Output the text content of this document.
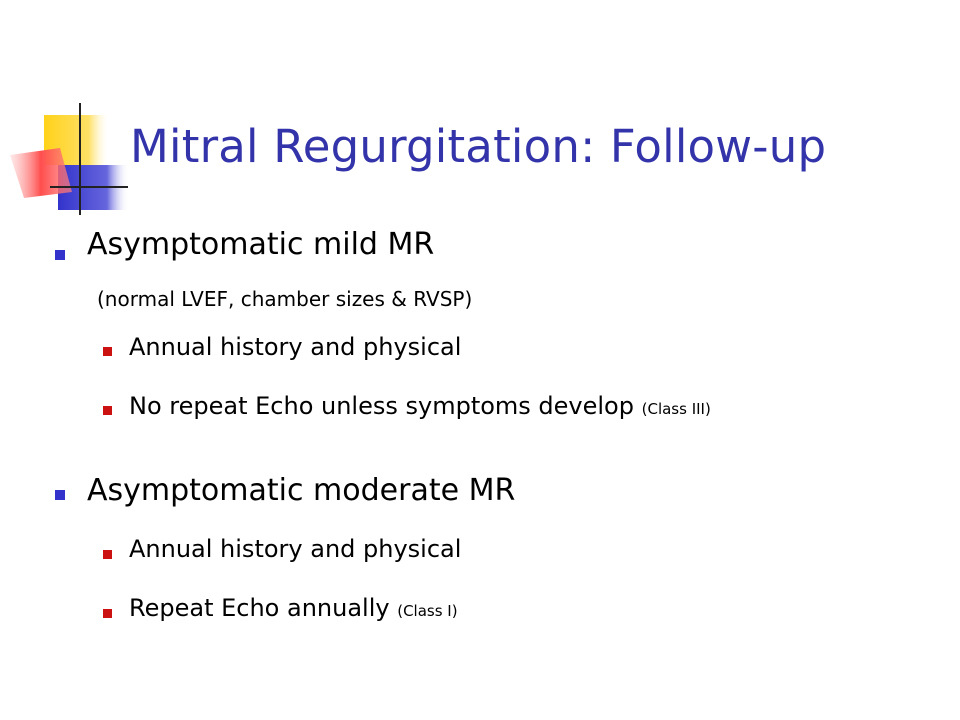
Mitral Regurgitation: Follow-up
Asymptomatic mild MR
(normal LVEF, chamber sizes & RVSP)
Annual history and physical
No repeat Echo unless symptoms develop (Class III)
Asymptomatic moderate MR
Annual history and physical
Repeat Echo annually (Class I)
